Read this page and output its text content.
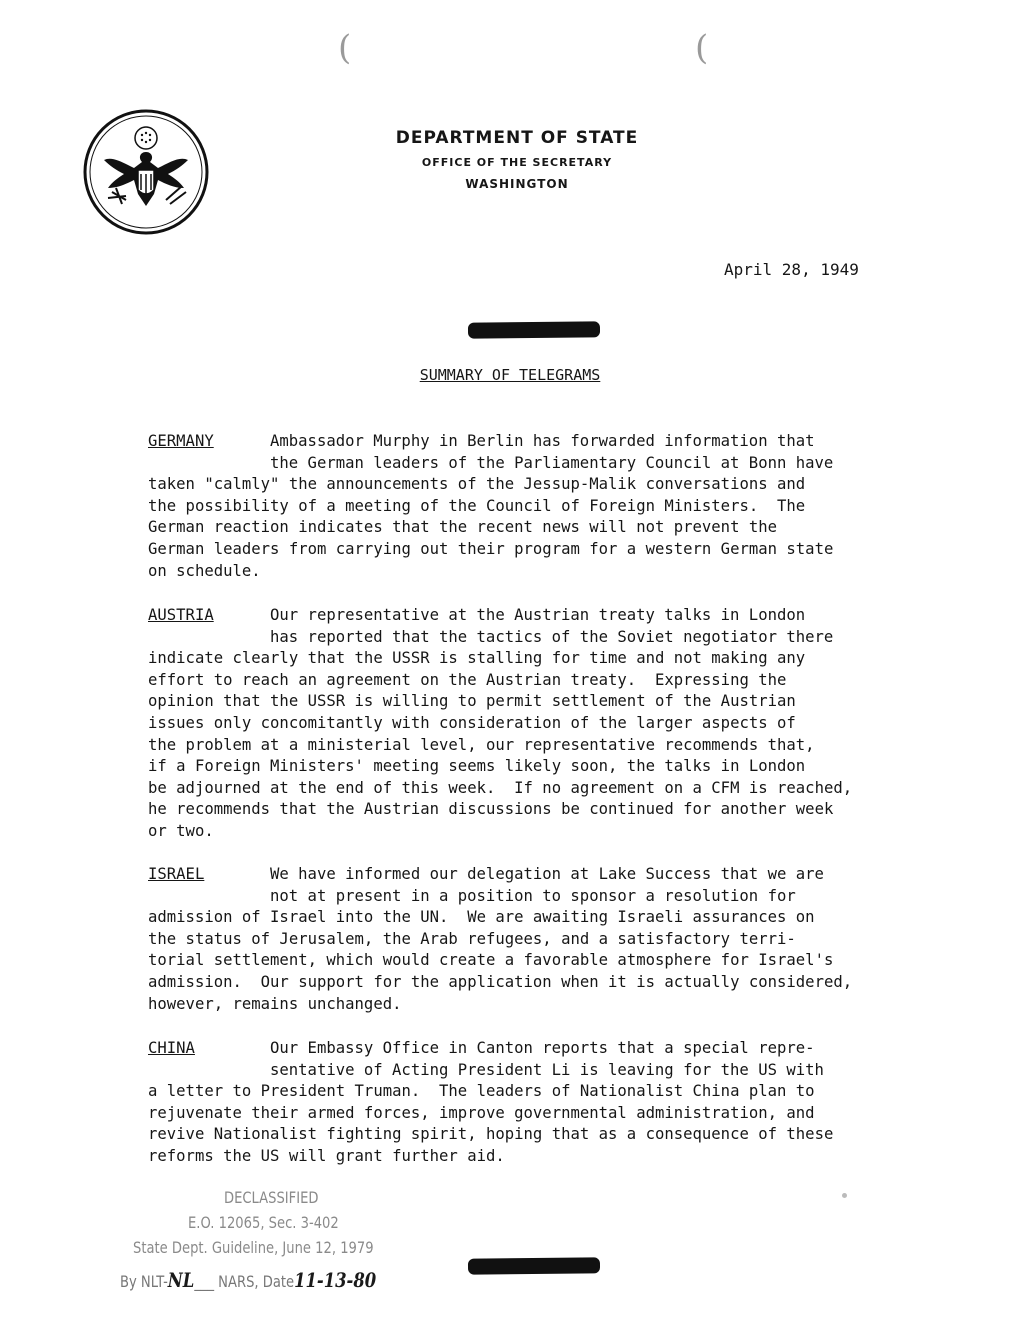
(	(
DEPARTMENT OF STATE
OFFICE OF THE SECRETARY
WASHINGTON
April 28, 1949
SUMMARY OF TELEGRAMS
GERMANY	Ambassador Murphy in Berlin has forwarded information that
the German leaders of the Parliamentary Council at Bonn have
taken "calmly" the announcements of the Jessup-Malik conversations and
the possibility of a meeting of the Council of Foreign Ministers.  The
German reaction indicates that the recent news will not prevent the
German leaders from carrying out their program for a western German state
on schedule.
AUSTRIA	Our representative at the Austrian treaty talks in London
has reported that the tactics of the Soviet negotiator there
indicate clearly that the USSR is stalling for time and not making any
effort to reach an agreement on the Austrian treaty.  Expressing the
opinion that the USSR is willing to permit settlement of the Austrian
issues only concomitantly with consideration of the larger aspects of
the problem at a ministerial level, our representative recommends that,
if a Foreign Ministers' meeting seems likely soon, the talks in London
be adjourned at the end of this week.  If no agreement on a CFM is reached,
he recommends that the Austrian discussions be continued for another week
or two.
ISRAEL	We have informed our delegation at Lake Success that we are
not at present in a position to sponsor a resolution for
admission of Israel into the UN.  We are awaiting Israeli assurances on
the status of Jerusalem, the Arab refugees, and a satisfactory terri-
torial settlement, which would create a favorable atmosphere for Israel's
admission.  Our support for the application when it is actually considered,
however, remains unchanged.
CHINA	Our Embassy Office in Canton reports that a special repre-
sentative of Acting President Li is leaving for the US with
a letter to President Truman.  The leaders of Nationalist China plan to
rejuvenate their armed forces, improve governmental administration, and
revive Nationalist fighting spirit, hoping that as a consequence of these
reforms the US will grant further aid.
DECLASSIFIED
E.O. 12065, Sec. 3-402
State Dept. Guideline, June 12, 1979
By NLT-NL___ NARS, Date11-13-80
